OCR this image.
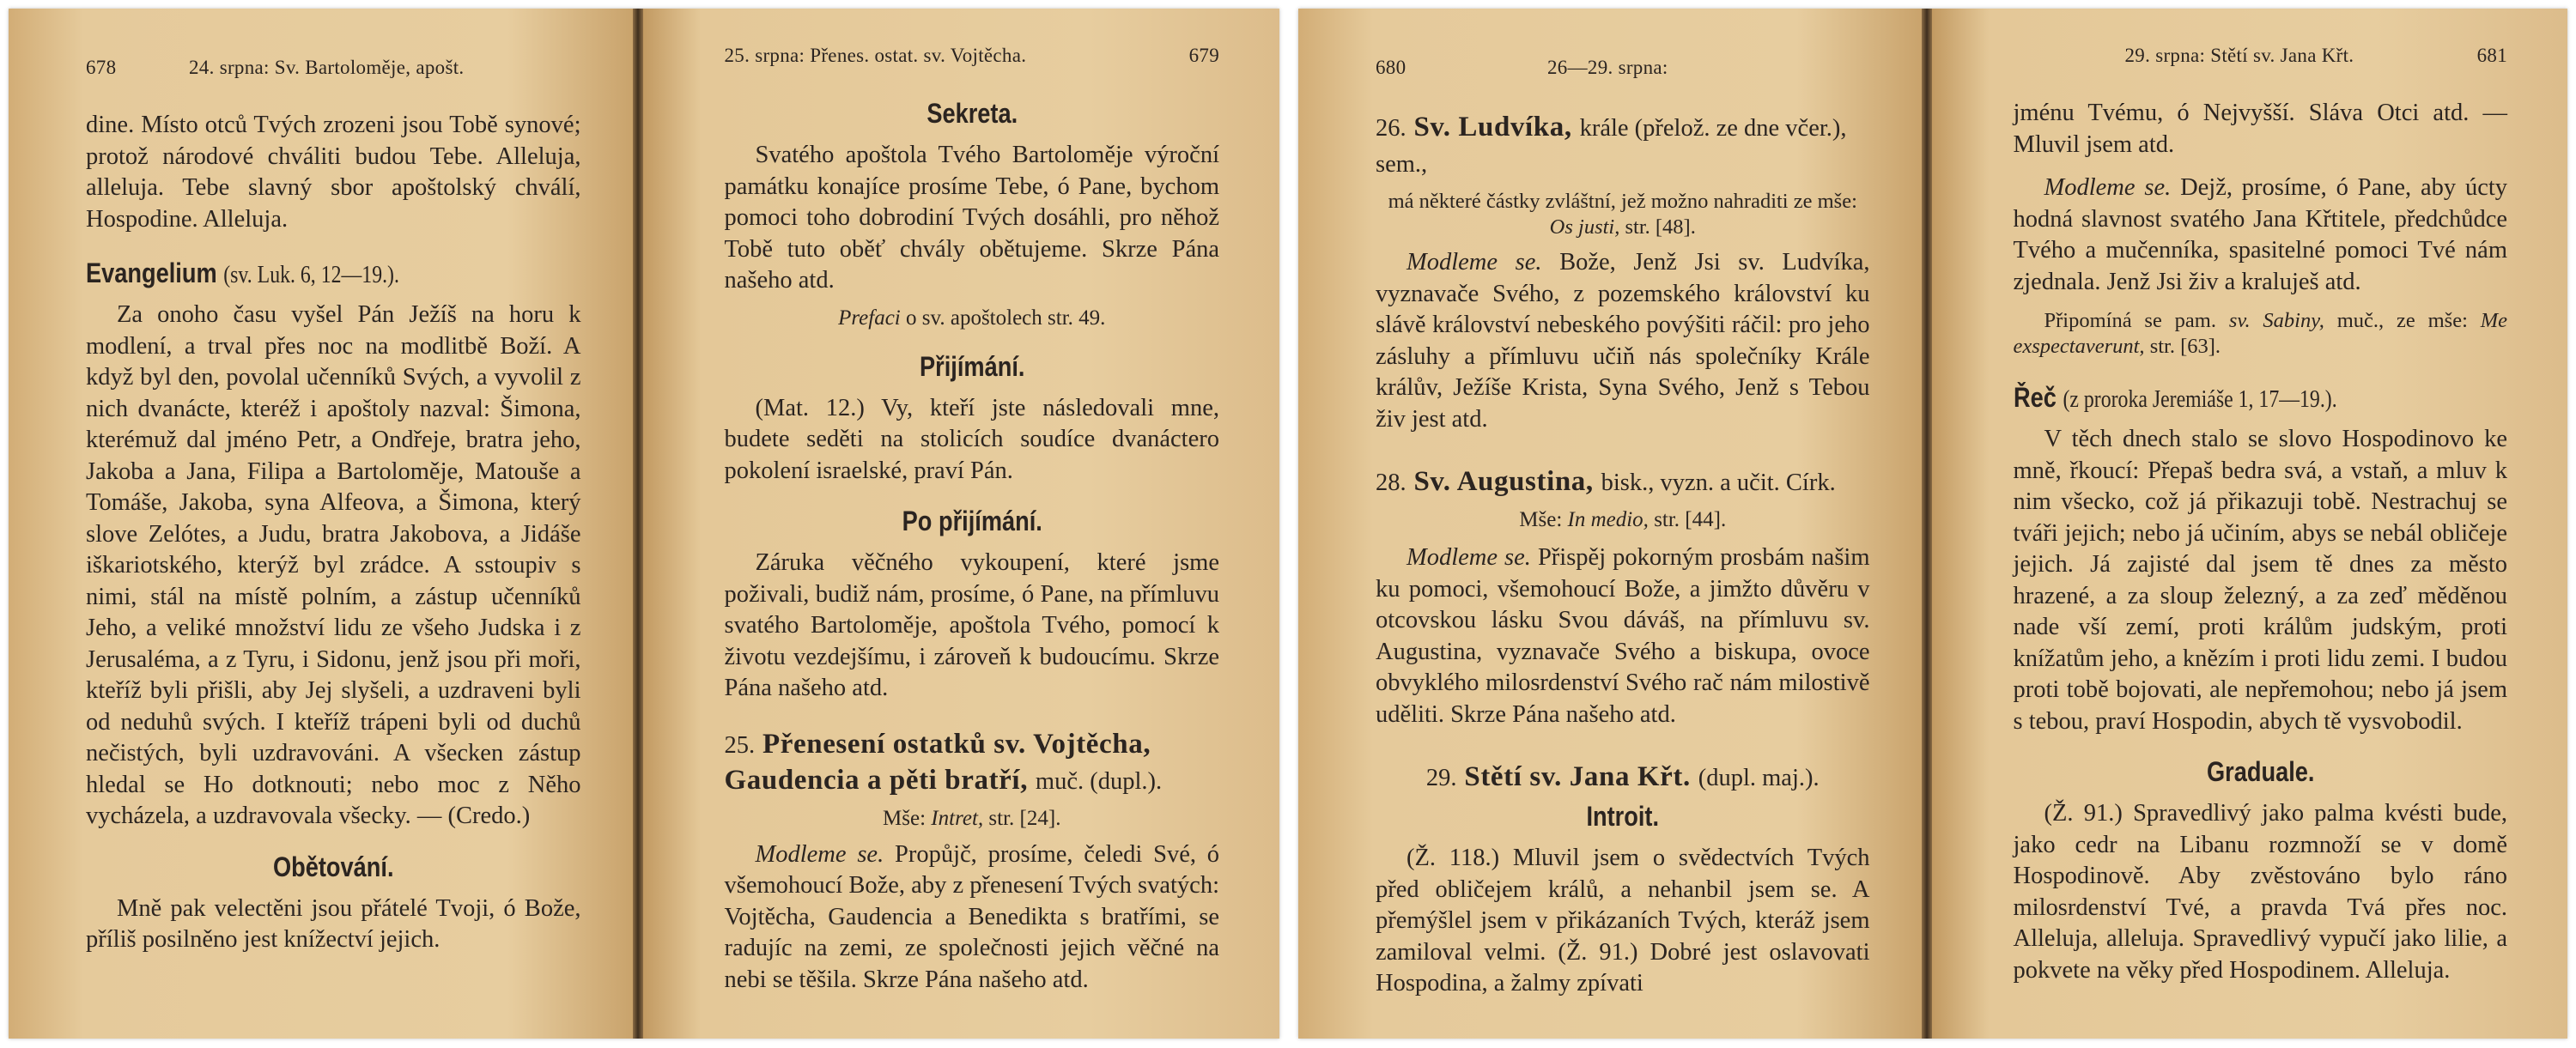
678	24. srpna: Sv. Bartoloměje, apošt.

dine. Místo otců Tvých zrozeni jsou Tobě synové; protož národové chváliti budou Tebe. Alleluja, alleluja. Tebe slavný sbor apoštolský chválí, Hospodine. Alleluja.

Evangelium (sv. Luk. 6, 12—19.).

Za onoho času vyšel Pán Ježíš na horu k modlení, a trval přes noc na modlitbě Boží. A když byl den, povolal učenníků Svých, a vyvolil z nich dvanácte, kteréž i apoštoly nazval: Šimona, kterémuž dal jméno Petr, a Ondřeje, bratra jeho, Jakoba a Jana, Filipa a Bartoloměje, Matouše a Tomáše, Jakoba, syna Alfeova, a Šimona, který slove Zelótes, a Judu, bratra Jakobova, a Jidáše iškariotského, kterýž byl zrádce. A sstoupiv s nimi, stál na místě polním, a zástup učenníků Jeho, a veliké množství lidu ze všeho Judska i z Jerusaléma, a z Tyru, i Sidonu, jenž jsou při moři, kteříž byli přišli, aby Jej slyšeli, a uzdraveni byli od neduhů svých. I kteříž trápeni byli od duchů nečistých, byli uzdravováni. A všecken zástup hledal se Ho dotknouti; nebo moc z Něho vycházela, a uzdravovala všecky. — (Credo.)

Obětování.

Mně pak velectěni jsou přátelé Tvoji, ó Bože, příliš posilněno jest knížectví jejich.

25. srpna: Přenes. ostat. sv. Vojtěcha.	679
Sekreta.

Svatého apoštola Tvého Bartoloměje výroční památku konajíce prosíme Tebe, ó Pane, bychom pomoci toho dobrodiní Tvých dosáhli, pro něhož Tobě tuto oběť chvály obětujeme. Skrze Pána našeho atd.

Prefaci o sv. apoštolech str. 49.
Přijímání.

(Mat. 12.) Vy, kteří jste následovali mne, budete seděti na stolicích soudíce dvanáctero pokolení israelské, praví Pán.

Po přijímání.

Záruka věčného vykoupení, které jsme poživali, budiž nám, prosíme, ó Pane, na přímluvu svatého Bartoloměje, apoštola Tvého, pomocí k životu vezdejšímu, i zároveň k budoucímu. Skrze Pána našeho atd.

25. Přenesení ostatků sv. Vojtěcha, Gaudencia a pěti bratří, muč. (dupl.).
Mše: Intret, str. [24].

Modleme se. Propůjč, prosíme, čeledi Své, ó všemohoucí Bože, aby z přenesení Tvých svatých: Vojtěcha, Gaudencia a Benedikta s bratřími, se radujíc na zemi, ze společnosti jejich věčné na nebi se těšila. Skrze Pána našeho atd.

680	26—29. srpna:
26. Sv. Ludvíka, krále (přelož. ze dne včer.), sem.,
má některé částky zvláštní, jež možno nahraditi ze mše: Os justi, str. [48].

Modleme se. Bože, Jenž Jsi sv. Ludvíka, vyznavače Svého, z pozemského království ku slávě království nebeského povýšiti ráčil: pro jeho zásluhy a přímluvu učiň nás společníky Krále králův, Ježíše Krista, Syna Svého, Jenž s Tebou živ jest atd.

28. Sv. Augustina, bisk., vyzn. a učit. Círk.
Mše: In medio, str. [44].

Modleme se. Přispěj pokorným prosbám našim ku pomoci, všemohoucí Bože, a jimžto důvěru v otcovskou lásku Svou dáváš, na přímluvu sv. Augustina, vyznavače Svého a biskupa, ovoce obvyklého milosrdenství Svého rač nám milostivě uděliti. Skrze Pána našeho atd.

29. Stětí sv. Jana Křt. (dupl. maj.).
Introit.

(Ž. 118.) Mluvil jsem o svědectvích Tvých před obličejem králů, a nehanbil jsem se. A přemýšlel jsem v přikázaních Tvých, kteráž jsem zamiloval velmi. (Ž. 91.) Dobré jest oslavovati Hospodina, a žalmy zpívati

29. srpna: Stětí sv. Jana Křt.	681

jménu Tvému, ó Nejvyšší. Sláva Otci atd. — Mluvil jsem atd.

Modleme se. Dejž, prosíme, ó Pane, aby úcty hodná slavnost svatého Jana Křtitele, předchůdce Tvého a mučenníka, spasitelné pomoci Tvé nám zjednala. Jenž Jsi živ a kraluješ atd.

Připomíná se pam. sv. Sabiny, muč., ze mše: Me exspectaverunt, str. [63].
Řeč (z proroka Jeremiáše 1, 17—19.).

V těch dnech stalo se slovo Hospodinovo ke mně, řkoucí: Přepaš bedra svá, a vstaň, a mluv k nim všecko, což já přikazuji tobě. Nestrachuj se tváři jejich; nebo já učiním, abys se nebál obličeje jejich. Já zajisté dal jsem tě dnes za město hrazené, a za sloup železný, a za zeď měděnou nade vší zemí, proti králům judským, proti knížatům jeho, a knězím i proti lidu zemi. I budou proti tobě bojovati, ale nepřemohou; nebo já jsem s tebou, praví Hospodin, abych tě vysvobodil.

Graduale.

(Ž. 91.) Spravedlivý jako palma kvésti bude, jako cedr na Libanu rozmnoží se v domě Hospodinově. Aby zvěstováno bylo ráno milosrdenství Tvé, a pravda Tvá přes noc. Alleluja, alleluja. Spravedlivý vypučí jako lilie, a pokvete na věky před Hospodinem. Alleluja.
